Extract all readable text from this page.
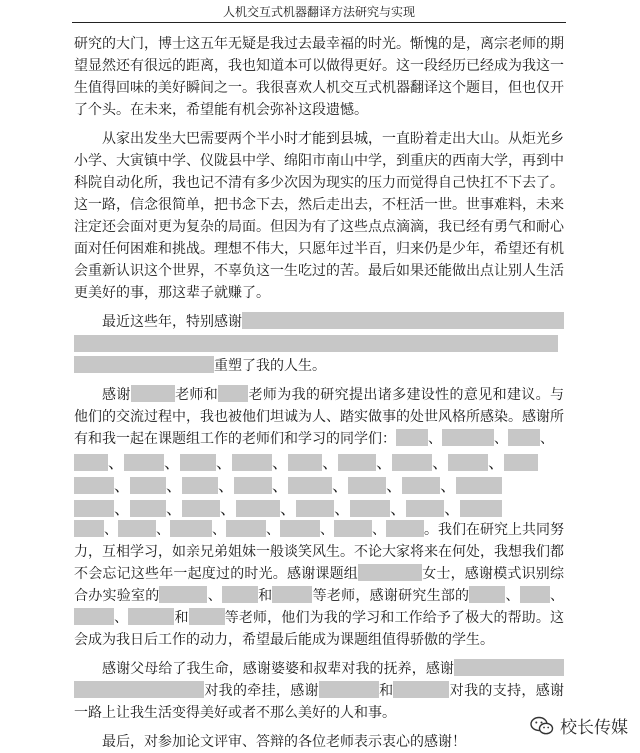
人机交互式机器翻译方法研究与实现

研究的大门，博士这五年无疑是我过去最幸福的时光。惭愧的是，离宗老师的期望显然还有很远的距离，我也知道本可以做得更好。这一段经历已经成为我这一生值得回味的美好瞬间之一。我很喜欢人机交互式机器翻译这个题目，但也仅开了个头。在未来，希望能有机会弥补这段遗憾。

从家出发坐大巴需要两个半小时才能到县城，一直盼着走出大山。从炬光乡小学、大寅镇中学、仪陇县中学、绵阳市南山中学，到重庆的西南大学，再到中科院自动化所，我也记不清有多少次因为现实的压力而觉得自己快扛不下去了。这一路，信念很简单，把书念下去，然后走出去，不枉活一世。世事难料，未来注定还会面对更为复杂的局面。但因为有了这些点点滴滴，我已经有勇气和耐心面对任何困难和挑战。理想不伟大，只愿年过半百，归来仍是少年，希望还有机会重新认识这个世界，不辜负这一生吃过的苦。最后如果还能做出点让别人生活更美好的事，那这辈子就赚了。

最近这些年，特别感谢

重塑了我的人生。

感谢	老师和 老师为我的研究提出诸多建设性的意见和建议。与他们的交流过程中，我也被他们坦诚为人、踏实做事的处世风格所感染。感谢所有和我一起在课题组工作的老师们和学习的同学们： 、	、 、

、	、 、	、 、 、	、	、
、 、 、 、	、 、 、
、 、 、	、 、	、 、

、	、	、	、	、	、	。我们在研究上共同努力，互相学习，如亲兄弟姐妹一般谈笑风生。不论大家将来在何处，我想我们都不会忘记这些年一起度过的时光。感谢课题组	女士，感谢模式识别综合办实验室的	、	和	等老师，感谢研究生部的	、 、、	和	等老师，他们为我的学习和工作给予了极大的帮助。这会成为我日后工作的动力，希望最后能成为课题组值得骄傲的学生。

感谢父母给了我生命，感谢婆婆和叔辈对我的抚养，感谢对我的牵挂，感谢	和	对我的支持，感谢一路上让我生活变得美好或者不那么美好的人和事。

最后，对参加论文评审、答辩的各位老师表示衷心的感谢！

校长传媒
